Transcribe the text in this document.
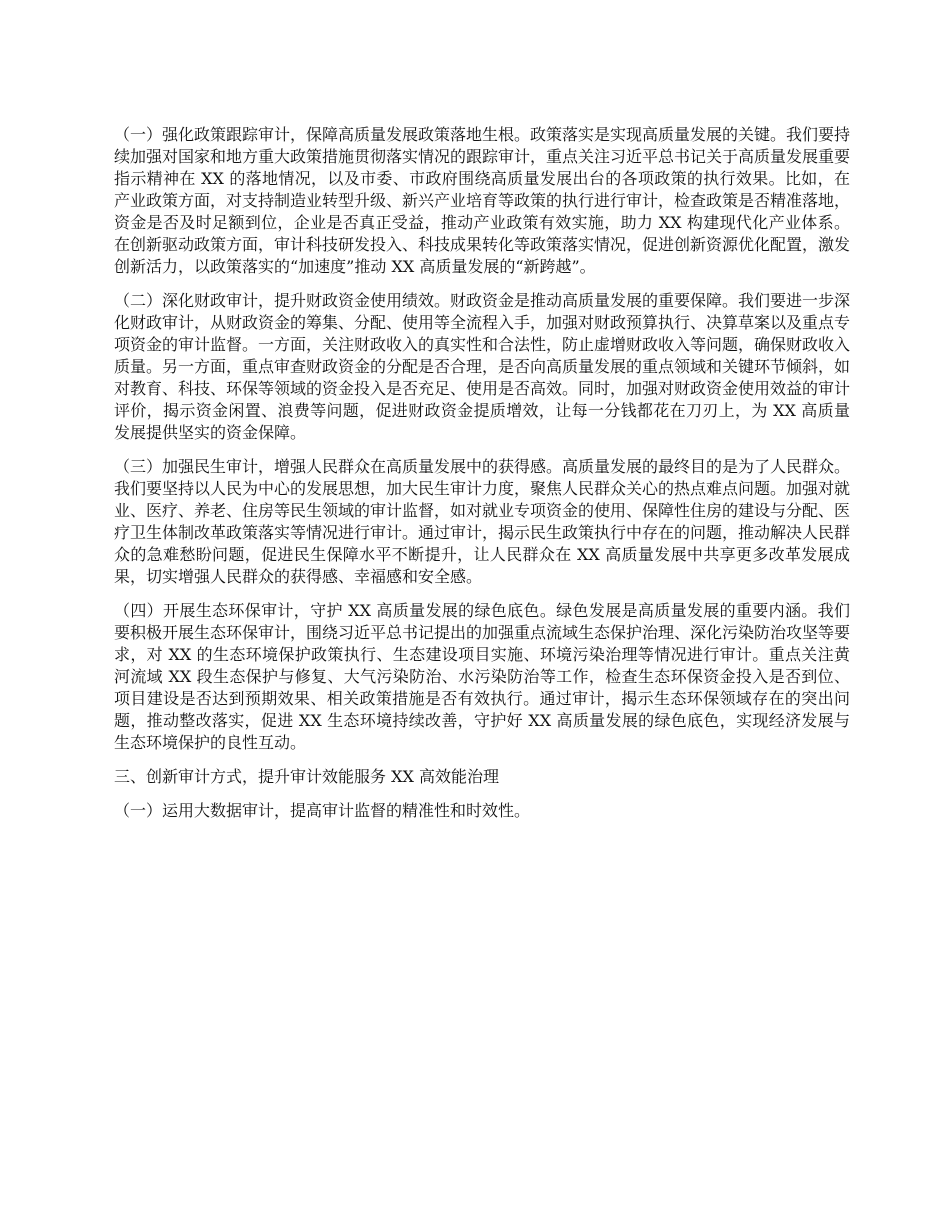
（一）强化政策跟踪审计，保障高质量发展政策落地生根。政策落实是实现高质量发展的关键。我们要持续加强对国家和地方重大政策措施贯彻落实情况的跟踪审计，重点关注习近平总书记关于高质量发展重要指示精神在 XX 的落地情况，以及市委、市政府围绕高质量发展出台的各项政策的执行效果。比如，在产业政策方面，对支持制造业转型升级、新兴产业培育等政策的执行进行审计，检查政策是否精准落地，资金是否及时足额到位，企业是否真正受益，推动产业政策有效实施，助力 XX 构建现代化产业体系。在创新驱动政策方面，审计科技研发投入、科技成果转化等政策落实情况，促进创新资源优化配置，激发创新活力，以政策落实的“加速度”推动 XX 高质量发展的“新跨越”。

（二）深化财政审计，提升财政资金使用绩效。财政资金是推动高质量发展的重要保障。我们要进一步深化财政审计，从财政资金的筹集、分配、使用等全流程入手，加强对财政预算执行、决算草案以及重点专项资金的审计监督。一方面，关注财政收入的真实性和合法性，防止虚增财政收入等问题，确保财政收入质量。另一方面，重点审查财政资金的分配是否合理，是否向高质量发展的重点领域和关键环节倾斜，如对教育、科技、环保等领域的资金投入是否充足、使用是否高效。同时，加强对财政资金使用效益的审计评价，揭示资金闲置、浪费等问题，促进财政资金提质增效，让每一分钱都花在刀刃上，为 XX 高质量发展提供坚实的资金保障。

（三）加强民生审计，增强人民群众在高质量发展中的获得感。高质量发展的最终目的是为了人民群众。我们要坚持以人民为中心的发展思想，加大民生审计力度，聚焦人民群众关心的热点难点问题。加强对就业、医疗、养老、住房等民生领域的审计监督，如对就业专项资金的使用、保障性住房的建设与分配、医疗卫生体制改革政策落实等情况进行审计。通过审计，揭示民生政策执行中存在的问题，推动解决人民群众的急难愁盼问题，促进民生保障水平不断提升，让人民群众在 XX 高质量发展中共享更多改革发展成果，切实增强人民群众的获得感、幸福感和安全感。

（四）开展生态环保审计，守护 XX 高质量发展的绿色底色。绿色发展是高质量发展的重要内涵。我们要积极开展生态环保审计，围绕习近平总书记提出的加强重点流域生态保护治理、深化污染防治攻坚等要求，对 XX 的生态环境保护政策执行、生态建设项目实施、环境污染治理等情况进行审计。重点关注黄河流域 XX 段生态保护与修复、大气污染防治、水污染防治等工作，检查生态环保资金投入是否到位、项目建设是否达到预期效果、相关政策措施是否有效执行。通过审计，揭示生态环保领域存在的突出问题，推动整改落实，促进 XX 生态环境持续改善，守护好 XX 高质量发展的绿色底色，实现经济发展与生态环境保护的良性互动。

三、创新审计方式，提升审计效能服务 XX 高效能治理

（一）运用大数据审计，提高审计监督的精准性和时效性。
